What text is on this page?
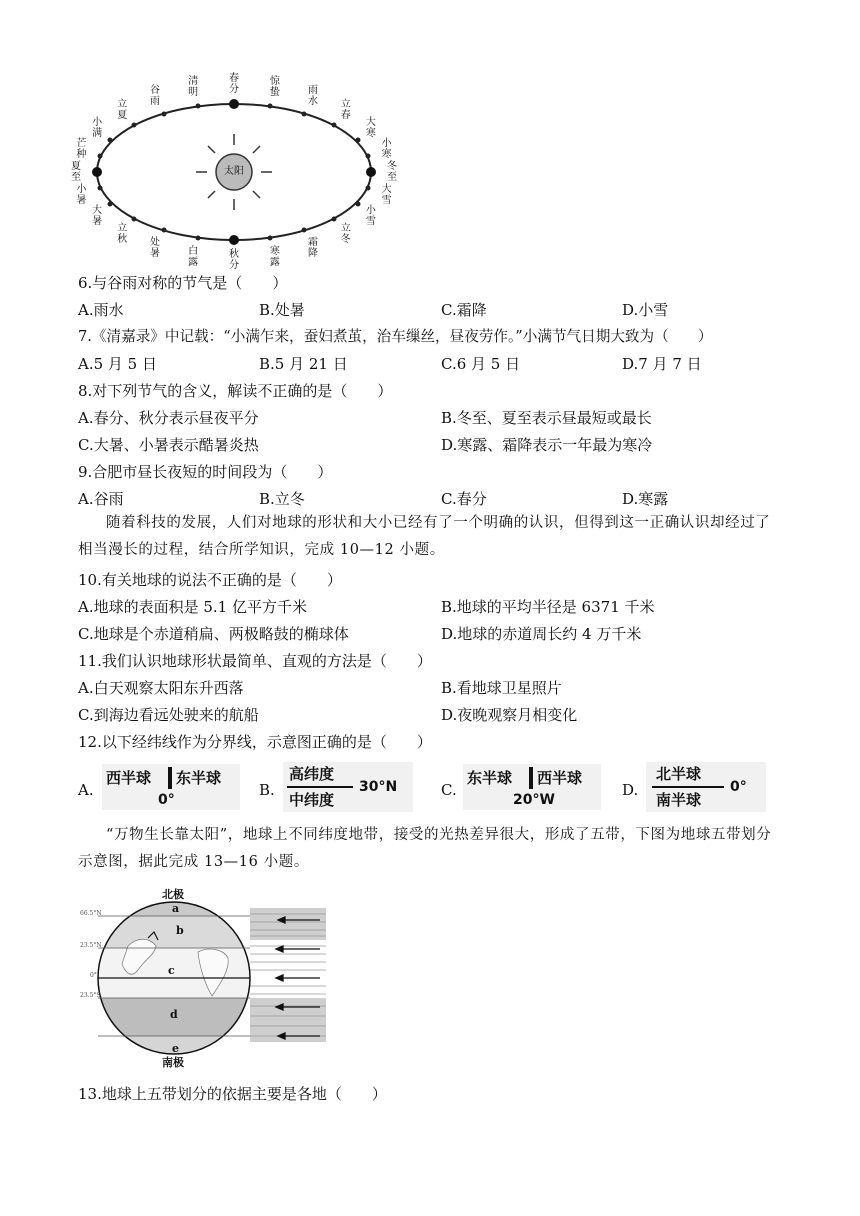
太阳
春
分
清
明
谷
雨
立
夏
小
满
芒
种
夏
至
小
暑
大
暑
立
秋 处
暑	白
露
秋
分
寒
露
霜
降
立
冬
小
雪
大
雪
冬
至
小
寒
大
寒
立
春
雨
水
惊
蛰
6.与谷雨对称的节气是（　　）
A.雨水	B.处暑	C.霜降	D.小雪
7.《清嘉录》中记载：“小满乍来，蚕妇煮茧，治车缫丝，昼夜劳作。”小满节气日期大致为（　　）
A.5 月 5 日	B.5 月 21 日	C.6 月 5 日	D.7 月 7 日
8.对下列节气的含义，解读不正确的是（　　）
A.春分、秋分表示昼夜平分	B.冬至、夏至表示昼最短或最长
C.大暑、小暑表示酷暑炎热	D.寒露、霜降表示一年最为寒冷
9.合肥市昼长夜短的时间段为（　　）
A.谷雨	B.立冬	C.春分	D.寒露
随着科技的发展，人们对地球的形状和大小已经有了一个明确的认识，但得到这一正确认识却经过了相当漫长的过程，结合所学知识，完成 10—12 小题。
10.有关地球的说法不正确的是（　　）
A.地球的表面积是 5.1 亿平方千米	B.地球的平均半径是 6371 千米
C.地球是个赤道稍扁、两极略鼓的椭球体	D.地球的赤道周长约 4 万千米
11.我们认识地球形状最简单、直观的方法是（　　）
A.白天观察太阳东升西落	B.看地球卫星照片
C.到海边看远处驶来的航船	D.夜晚观察月相变化
12.以下经纬线作为分界线，示意图正确的是（　　）
A.
西半球 东半球
0°
B.
高纬度
中纬度
30°N	C.
东半球 西半球
20°W
D.
北半球
南半球
0°
“万物生长靠太阳”，地球上不同纬度地带，接受的光热差异很大，形成了五带，下图为地球五带划分示意图，据此完成 13—16 小题。
北极
南极
a
b
c
d
e
66.5°N
23.5°N
0°
23.5°S
13.地球上五带划分的依据主要是各地（　　）
